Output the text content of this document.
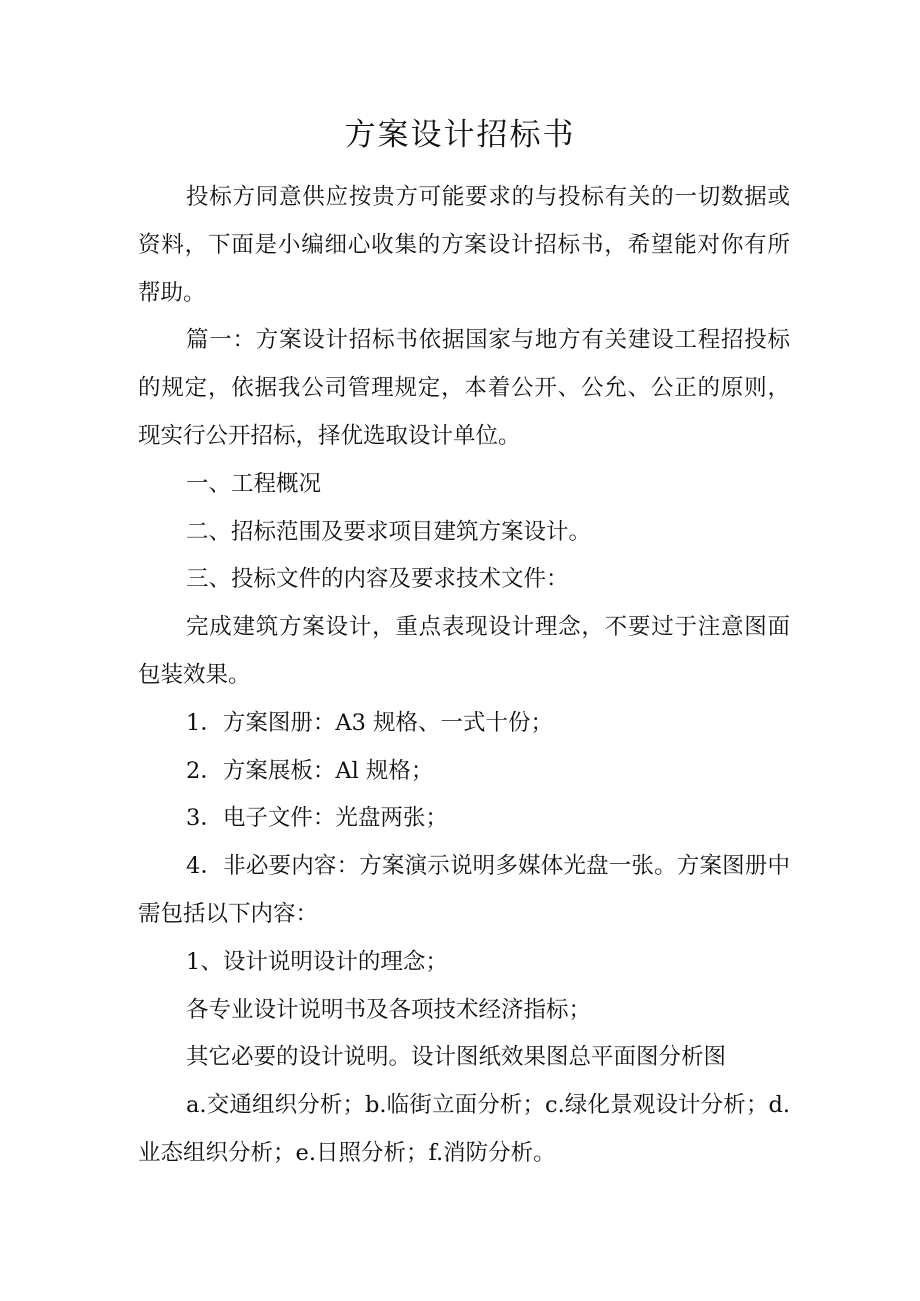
方案设计招标书

投标方同意供应按贵方可能要求的与投标有关的一切数据或资料，下面是小编细心收集的方案设计招标书，希望能对你有所帮助。

篇一：方案设计招标书依据国家与地方有关建设工程招投标的规定，依据我公司管理规定，本着公开、公允、公正的原则，现实行公开招标，择优选取设计单位。

一、工程概况

二、招标范围及要求项目建筑方案设计。

三、投标文件的内容及要求技术文件：

完成建筑方案设计，重点表现设计理念，不要过于注意图面包装效果。

1．方案图册：A3 规格、一式十份；

2．方案展板：Al 规格；

3．电子文件：光盘两张；

4．非必要内容：方案演示说明多媒体光盘一张。方案图册中需包括以下内容：

1、设计说明设计的理念；

各专业设计说明书及各项技术经济指标；

其它必要的设计说明。设计图纸效果图总平面图分析图

a.交通组织分析；b.临街立面分析；c.绿化景观设计分析；d.业态组织分析；e.日照分析；f.消防分析。
